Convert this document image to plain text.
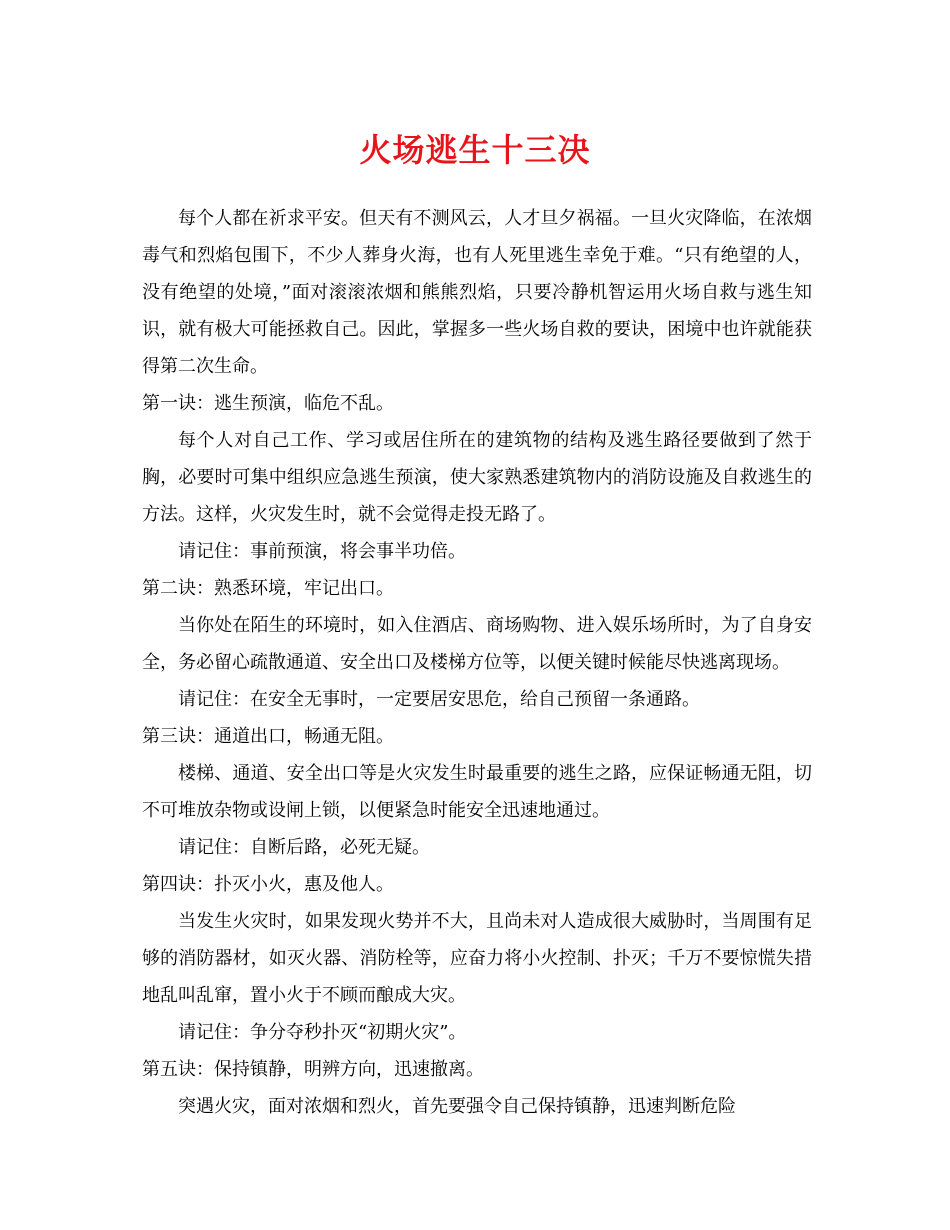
火场逃生十三决

每个人都在祈求平安。但天有不测风云，人才旦夕祸福。一旦火灾降临，在浓烟毒气和烈焰包围下，不少人葬身火海，也有人死里逃生幸免于难。“只有绝望的人，没有绝望的处境，”面对滚滚浓烟和熊熊烈焰，只要冷静机智运用火场自救与逃生知识，就有极大可能拯救自己。因此，掌握多一些火场自救的要诀，困境中也许就能获得第二次生命。

第一诀：逃生预演，临危不乱。

每个人对自己工作、学习或居住所在的建筑物的结构及逃生路径要做到了然于胸，必要时可集中组织应急逃生预演，使大家熟悉建筑物内的消防设施及自救逃生的方法。这样，火灾发生时，就不会觉得走投无路了。

请记住：事前预演，将会事半功倍。

第二诀：熟悉环境，牢记出口。

当你处在陌生的环境时，如入住酒店、商场购物、进入娱乐场所时，为了自身安全，务必留心疏散通道、安全出口及楼梯方位等，以便关键时候能尽快逃离现场。

请记住：在安全无事时，一定要居安思危，给自己预留一条通路。

第三诀：通道出口，畅通无阻。

楼梯、通道、安全出口等是火灾发生时最重要的逃生之路，应保证畅通无阻，切不可堆放杂物或设闸上锁，以便紧急时能安全迅速地通过。

请记住：自断后路，必死无疑。

第四诀：扑灭小火，惠及他人。

当发生火灾时，如果发现火势并不大，且尚未对人造成很大威胁时，当周围有足够的消防器材，如灭火器、消防栓等，应奋力将小火控制、扑灭；千万不要惊慌失措地乱叫乱窜，置小火于不顾而酿成大灾。

请记住：争分夺秒扑灭“初期火灾”。

第五诀：保持镇静，明辨方向，迅速撤离。

突遇火灾，面对浓烟和烈火，首先要强令自己保持镇静，迅速判断危险
